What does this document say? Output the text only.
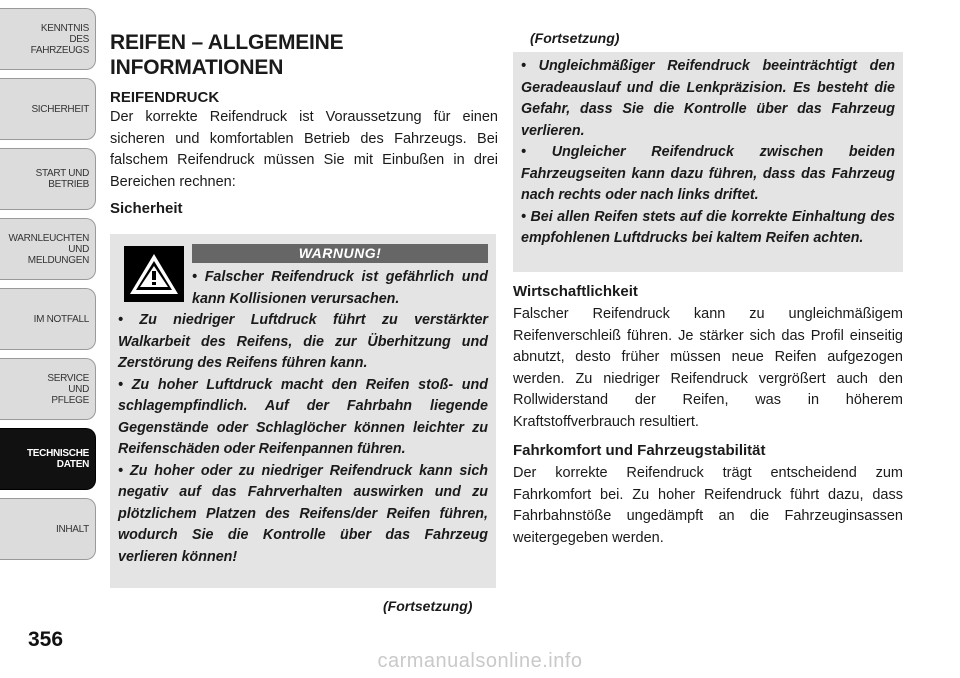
KENNTNIS
DES
FAHRZEUGS
SICHERHEIT
START UND
BETRIEB
WARNLEUCHTEN
UND
MELDUNGEN
IM NOTFALL
SERVICE
UND
PFLEGE
TECHNISCHE
DATEN
INHALT
356
REIFEN – ALLGEMEINE
INFORMATIONEN
REIFENDRUCK

Der korrekte Reifendruck ist Voraussetzung für einen sicheren und komfortablen Betrieb des Fahrzeugs. Bei falschem Reifendruck müssen Sie mit Einbußen in drei Bereichen rechnen:

Sicherheit
WARNUNG!
• Falscher Reifendruck ist gefährlich und kann Kollisionen verursachen.
• Zu niedriger Luftdruck führt zu verstärkter Walkarbeit des Reifens, die zur Überhitzung und Zerstörung des Reifens führen kann.
• Zu hoher Luftdruck macht den Reifen stoß- und schlagempfindlich. Auf der Fahrbahn liegende Gegenstände oder Schlaglöcher können leichter zu Reifenschäden oder Reifenpannen führen.
• Zu hoher oder zu niedriger Reifendruck kann sich negativ auf das Fahrverhalten auswirken und zu plötzlichem Platzen des Reifens/der Reifen führen, wodurch Sie die Kontrolle über das Fahrzeug verlieren können!
(Fortsetzung)
(Fortsetzung)
• Ungleichmäßiger Reifendruck beeinträchtigt den Geradeauslauf und die Lenkpräzision. Es besteht die Gefahr, dass Sie die Kontrolle über das Fahrzeug verlieren.
• Ungleicher Reifendruck zwischen beiden Fahrzeugseiten kann dazu führen, dass das Fahrzeug nach rechts oder nach links driftet.
• Bei allen Reifen stets auf die korrekte Einhaltung des empfohlenen Luftdrucks bei kaltem Reifen achten.
Wirtschaftlichkeit

Falscher Reifendruck kann zu ungleichmäßigem Reifenverschleiß führen. Je stärker sich das Profil einseitig abnutzt, desto früher müssen neue Reifen aufgezogen werden. Zu niedriger Reifendruck vergrößert auch den Rollwiderstand der Reifen, was in höherem Kraftstoffverbrauch resultiert.

Fahrkomfort und Fahrzeugstabilität

Der korrekte Reifendruck trägt entscheidend zum Fahrkomfort bei. Zu hoher Reifendruck führt dazu, dass Fahrbahnstöße ungedämpft an die Fahrzeuginsassen weitergegeben werden.

carmanualsonline.info
